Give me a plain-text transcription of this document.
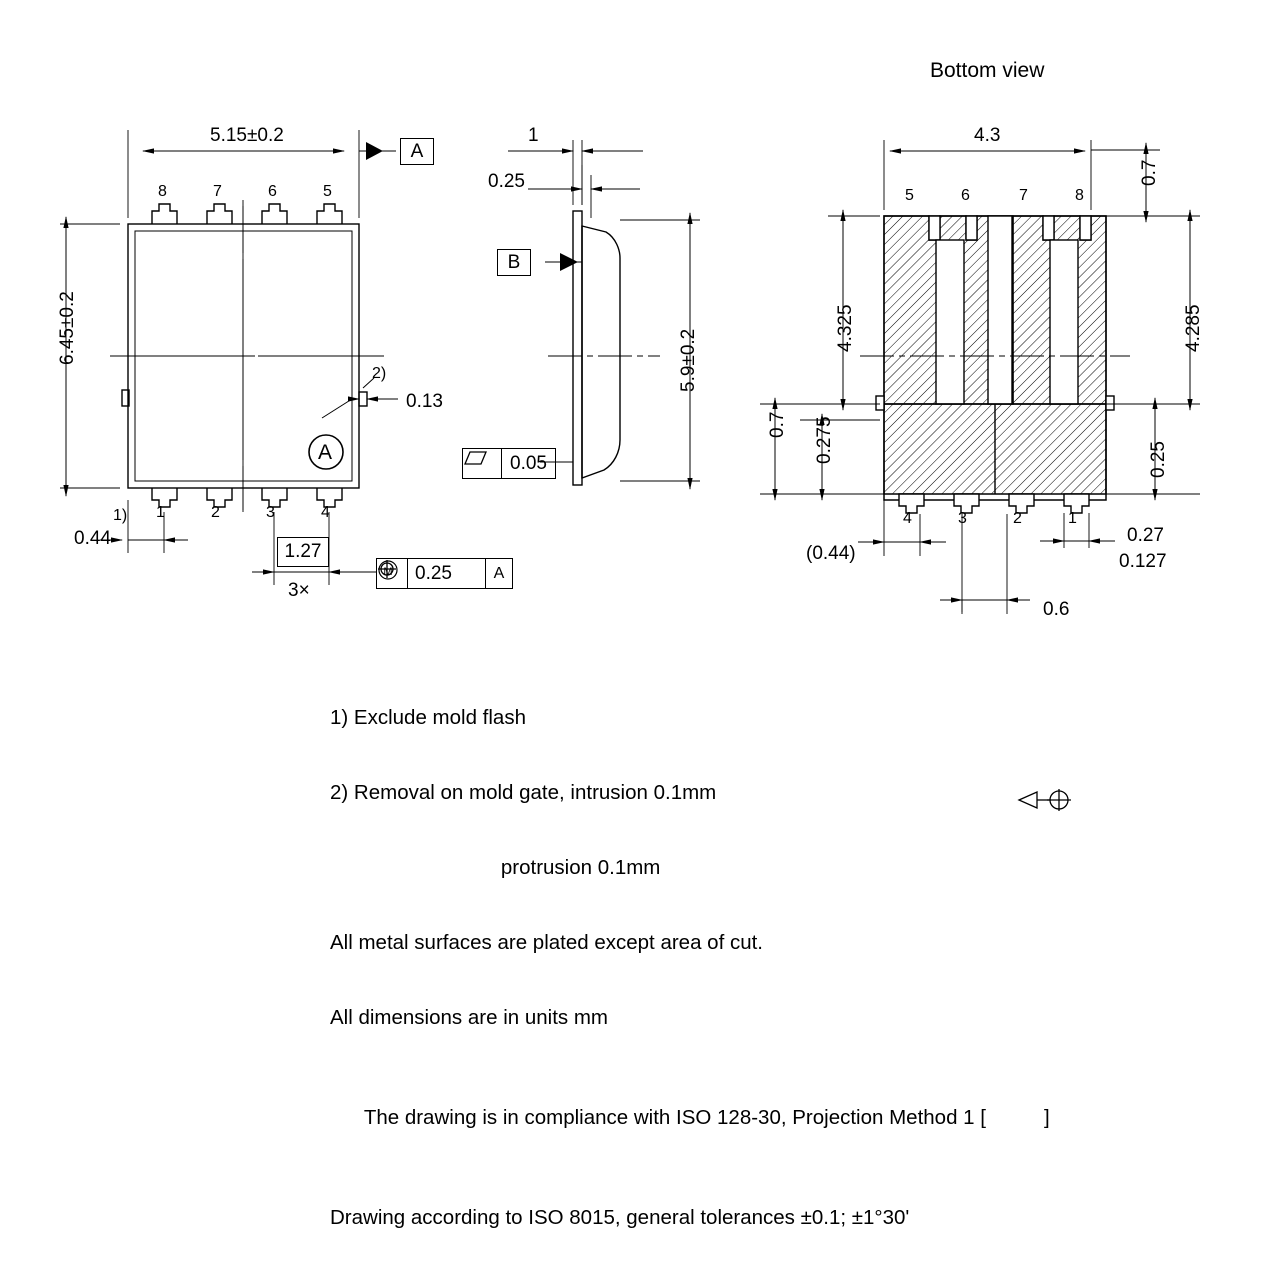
Bottom view
5.15±0.2
6.45±0.2
A
8	7	6	5
1	2	3	4
1)
0.44
2)
0.13
A
1.27
3×
0.25
M	A
1
0.25
5.9±0.2
B
0.05
4.3
0.7
4.325	4.285
0.7 0.275	0.25
5	6	7	8
4	3	2	1
(0.44)
0.6
0.27
0.127

1) Exclude mold flash

2) Removal on mold gate, intrusion 0.1mm

protrusion 0.1mm

All metal surfaces are plated except area of cut.

All dimensions are in units mm

The drawing is in compliance with ISO 128-30, Projection Method 1 [	]

Drawing according to ISO 8015, general tolerances ±0.1; ±1°30'
